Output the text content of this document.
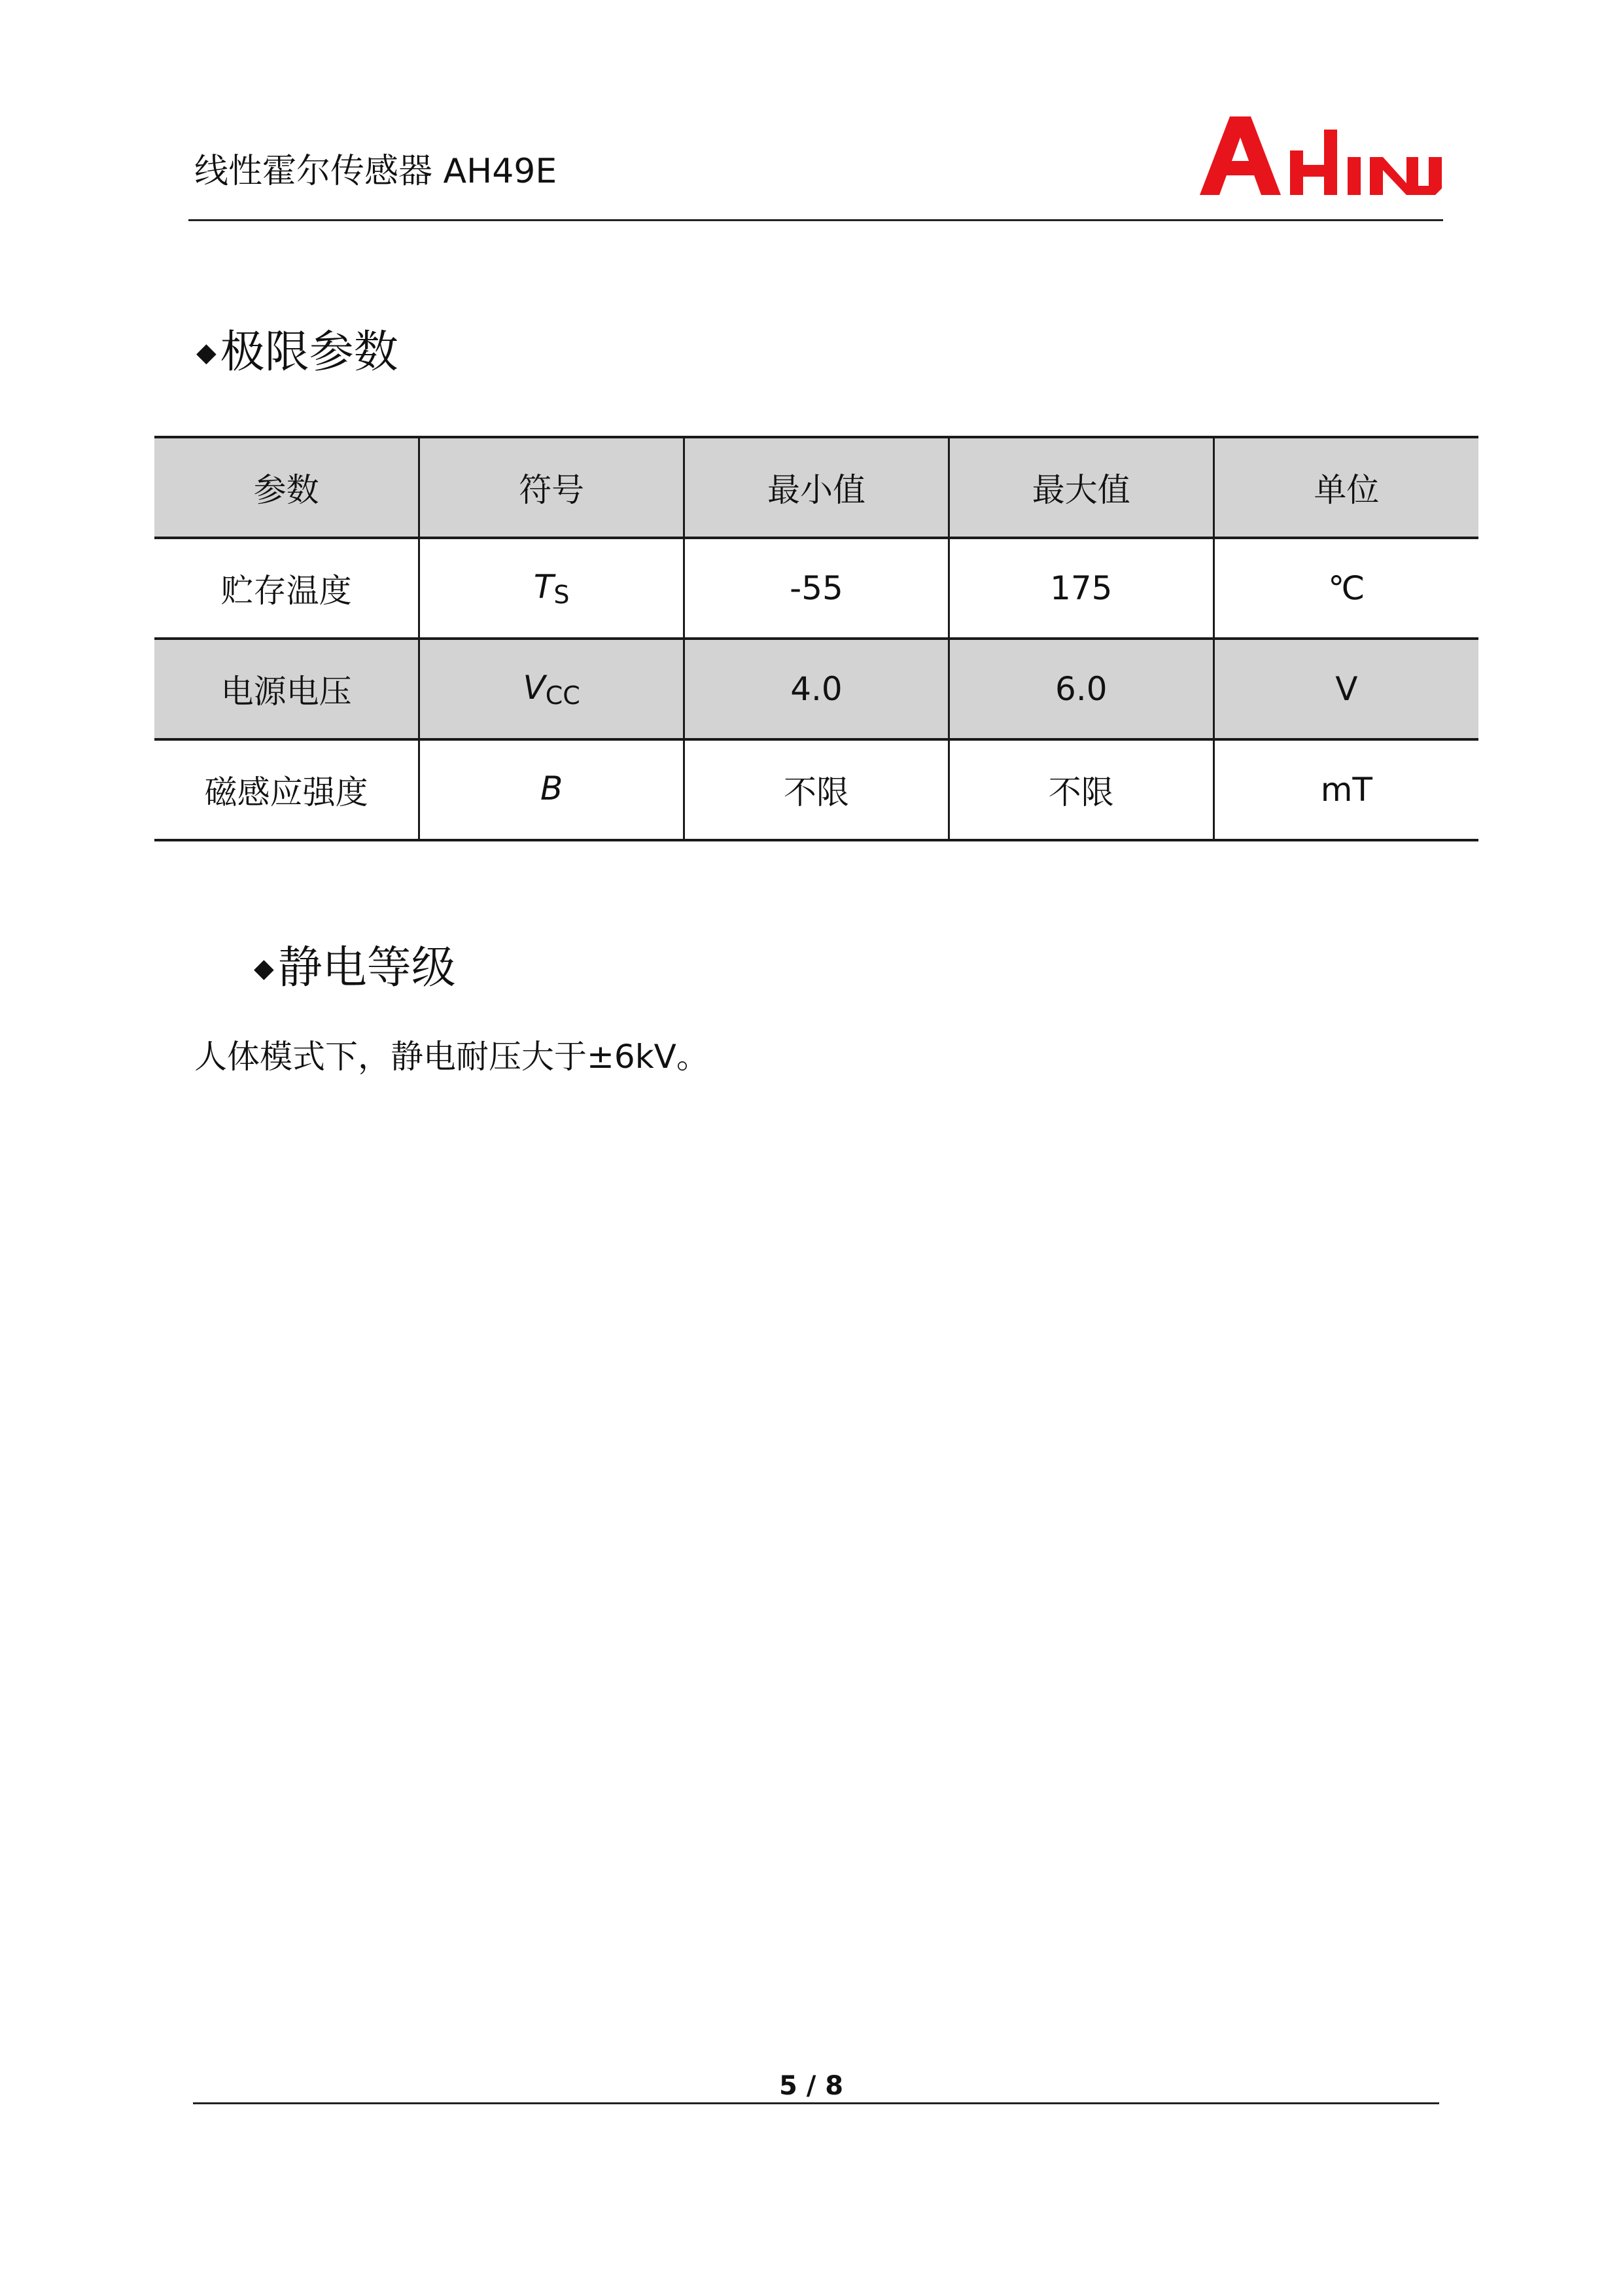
线性霍尔传感器 AH49E
◆ 极限参数
参数	符号	最小值	最大值	单位
贮存温度	TS	-55	175	℃
电源电压	VCC	4.0	6.0	V
磁感应强度	B	不限	不限	mT
◆ 静电等级
人体模式下，静电耐压大于±6kV。
5 / 8
